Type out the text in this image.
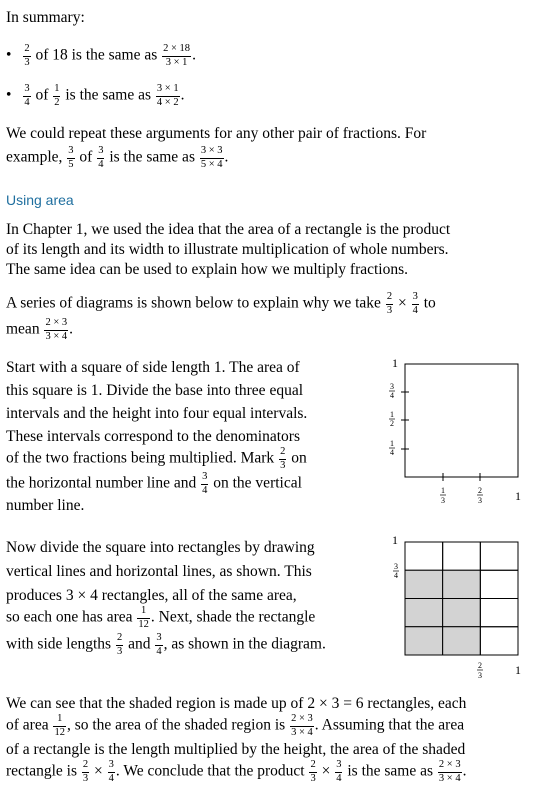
In summary:
• $\frac{2}{3}$ of 18 is the same as $\frac{2 \times 18}{3 \times 1}$ .
• $\frac{3}{4}$ of $\frac{1}{2}$ is the same as $\frac{3 \times 1}{4 \times 2}$ .
We could repeat these arguments for any other pair of fractions. For
example, $\frac{3}{5}$ of $\frac{3}{4}$ is the same as $\frac{3 \times 3}{5 \times 4}$ .
Using area
In Chapter 1, we used the idea that the area of a rectangle is the product
of its length and its width to illustrate multiplication of whole numbers.
The same idea can be used to explain how we multiply fractions.
A series of diagrams is shown below to explain why we take $\frac{2}{3} \times \frac{3}{4}$ to
mean $\frac{2 \times 3}{3 \times 4}$ .
Start with a square of side length 1. The area of
this square is 1. Divide the base into three equal
intervals and the height into four equal intervals.
These intervals correspond to the denominators
of the two fractions being multiplied. Mark $\frac{2}{3}$ on
the horizontal number line and $\frac{3}{4}$ on the vertical
number line.
1
3
4
1
2
1
4
1
3
2
3	1
Now divide the square into rectangles by drawing
vertical lines and horizontal lines, as shown. This
produces 3 × 4 rectangles, all of the same area,
so each one has area $\frac{1}{12}$ . Next, shade the rectangle
with side lengths $\frac{2}{3}$ and $\frac{3}{4}$ , as shown in the diagram.
1
3
4
2
3	1
We can see that the shaded region is made up of 2 × 3 = 6 rectangles, each
of area $\frac{1}{12}$ , so the area of the shaded region is $\frac{2 \times 3}{3 \times 4}$ . Assuming that the area
of a rectangle is the length multiplied by the height, the area of the shaded
rectangle is $\frac{2}{3} \times \frac{3}{4}$ . We conclude that the product $\frac{2}{3} \times \frac{3}{4}$ is the same as $\frac{2 \times 3}{3 \times 4}$ .
